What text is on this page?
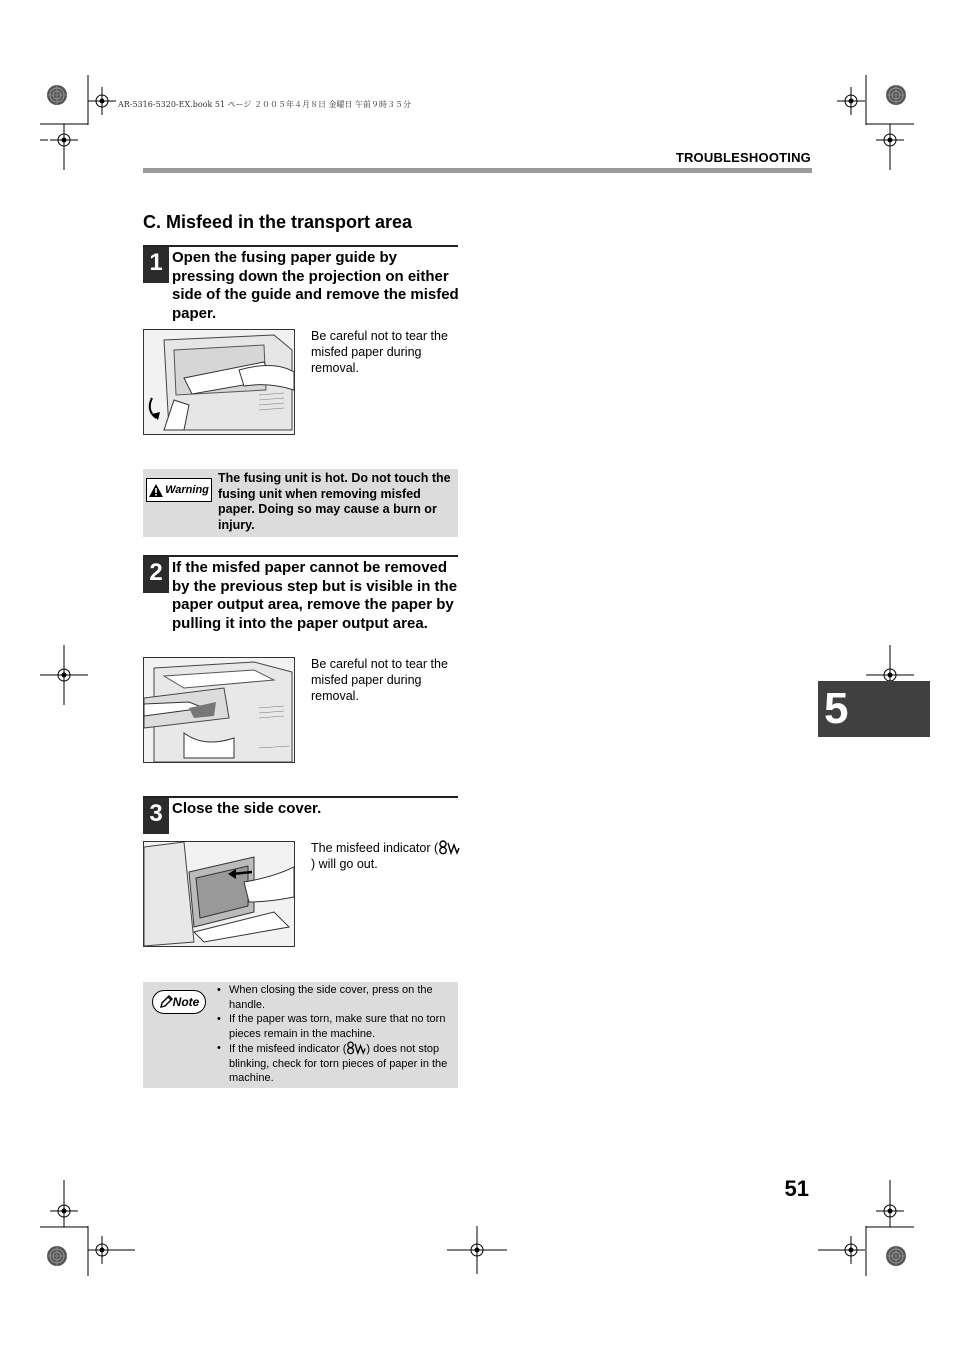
AR-5316-5320-EX.book 51 ページ ２００５年４月８日 金曜日 午前９時３５分
TROUBLESHOOTING
C. Misfeed in the transport area
1 Open the fusing paper guide by pressing down the projection on either side of the guide and remove the misfed paper.
Be careful not to tear the misfed paper during removal.
Warning
The fusing unit is hot. Do not touch the fusing unit when removing misfed paper. Doing so may cause a burn or injury.
2 If the misfed paper cannot be removed by the previous step but is visible in the paper output area, remove the paper by pulling it into the paper output area.
Be careful not to tear the misfed paper during removal.
3 Close the side cover.
The misfeed indicator () will go out.
Note
• When closing the side cover, press on the handle.
• If the paper was torn, make sure that no torn pieces remain in the machine.
• If the misfeed indicator ( ) does not stop blinking, check for torn pieces of paper in the machine.
5
51
